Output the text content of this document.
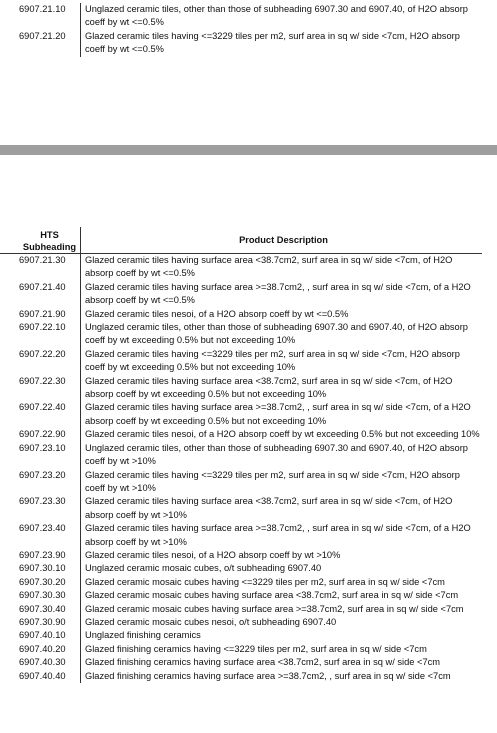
6907.21.10	Unglazed ceramic tiles, other than those of subheading 6907.30 and 6907.40, of H2O absorp coeff by wt <=0.5%
6907.21.20	Glazed ceramic tiles having <=3229 tiles per m2, surf area in sq w/ side <7cm, H2O absorp coeff by wt <=0.5%
HTS
Subheading	Product Description
6907.21.30	Glazed ceramic tiles having surface area <38.7cm2, surf area in sq w/ side <7cm, of H2O absorp coeff by wt <=0.5%
6907.21.40	Glazed ceramic tiles having surface area >=38.7cm2, , surf area in sq w/ side <7cm, of a H2O absorp coeff by wt <=0.5%
6907.21.90	Glazed ceramic tiles nesoi, of a H2O absorp coeff by wt <=0.5%
6907.22.10	Unglazed ceramic tiles, other than those of subheading 6907.30 and 6907.40, of H2O absorp coeff by wt exceeding 0.5% but not exceeding 10%
6907.22.20	Glazed ceramic tiles having <=3229 tiles per m2, surf area in sq w/ side <7cm, H2O absorp coeff by wt exceeding 0.5% but not exceeding 10%
6907.22.30	Glazed ceramic tiles having surface area <38.7cm2, surf area in sq w/ side <7cm, of H2O absorp coeff by wt exceeding 0.5% but not exceeding 10%
6907.22.40	Glazed ceramic tiles having surface area >=38.7cm2, , surf area in sq w/ side <7cm, of a H2O absorp coeff by wt exceeding 0.5% but not exceeding 10%
6907.22.90	Glazed ceramic tiles nesoi, of a H2O absorp coeff by wt exceeding 0.5% but not exceeding 10%
6907.23.10	Unglazed ceramic tiles, other than those of subheading 6907.30 and 6907.40, of H2O absorp coeff by wt >10%
6907.23.20	Glazed ceramic tiles having <=3229 tiles per m2, surf area in sq w/ side <7cm, H2O absorp coeff by wt >10%
6907.23.30	Glazed ceramic tiles having surface area <38.7cm2, surf area in sq w/ side <7cm, of H2O absorp coeff by wt >10%
6907.23.40	Glazed ceramic tiles having surface area >=38.7cm2, , surf area in sq w/ side <7cm, of a H2O absorp coeff by wt >10%
6907.23.90	Glazed ceramic tiles nesoi, of a H2O absorp coeff by wt >10%
6907.30.10	Unglazed ceramic mosaic cubes, o/t subheading 6907.40
6907.30.20	Glazed ceramic mosaic cubes having <=3229 tiles per m2, surf area in sq w/ side <7cm
6907.30.30	Glazed ceramic mosaic cubes having surface area <38.7cm2, surf area in sq w/ side <7cm
6907.30.40	Glazed ceramic mosaic cubes having surface area >=38.7cm2, surf area in sq w/ side <7cm
6907.30.90	Glazed ceramic mosaic cubes nesoi, o/t subheading 6907.40
6907.40.10	Unglazed finishing ceramics
6907.40.20	Glazed finishing ceramics having <=3229 tiles per m2, surf area in sq w/ side <7cm
6907.40.30	Glazed finishing ceramics having surface area <38.7cm2, surf area in sq w/ side <7cm
6907.40.40	Glazed finishing ceramics having surface area >=38.7cm2, , surf area in sq w/ side <7cm
